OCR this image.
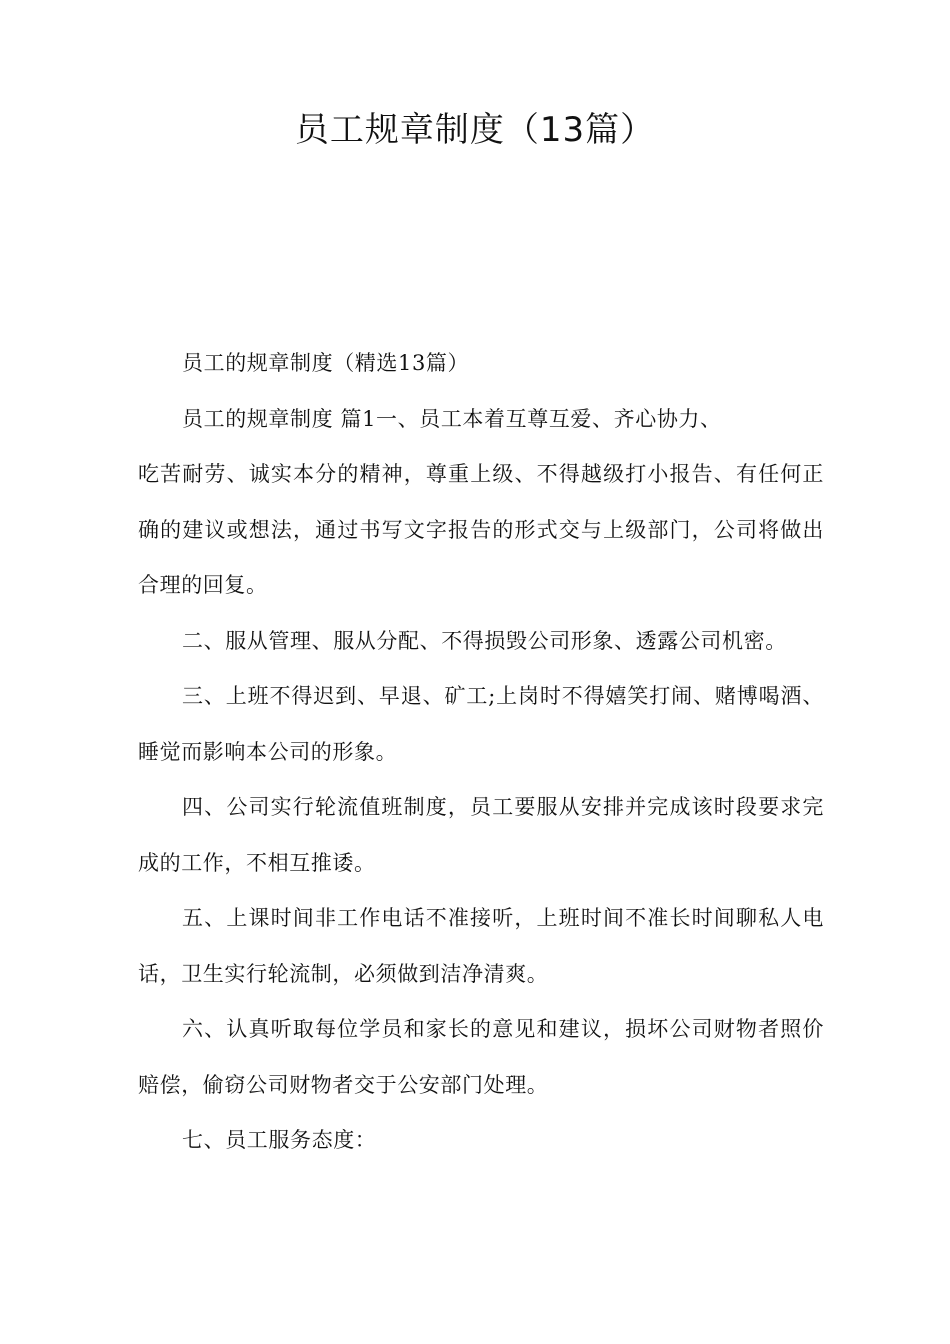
员工规章制度（13篇）

员工的规章制度（精选13篇）

员工的规章制度 篇1一、员工本着互尊互爱、齐心协力、

吃苦耐劳、诚实本分的精神，尊重上级、不得越级打小报告、有任何正确的建议或想法，通过书写文字报告的形式交与上级部门，公司将做出合理的回复。

二、服从管理、服从分配、不得损毁公司形象、透露公司机密。

三、上班不得迟到、早退、矿工;上岗时不得嬉笑打闹、赌博喝酒、睡觉而影响本公司的形象。

四、公司实行轮流值班制度，员工要服从安排并完成该时段要求完成的工作，不相互推诿。

五、上课时间非工作电话不准接听，上班时间不准长时间聊私人电话，卫生实行轮流制，必须做到洁净清爽。

六、认真听取每位学员和家长的意见和建议，损坏公司财物者照价赔偿，偷窃公司财物者交于公安部门处理。

七、员工服务态度：
